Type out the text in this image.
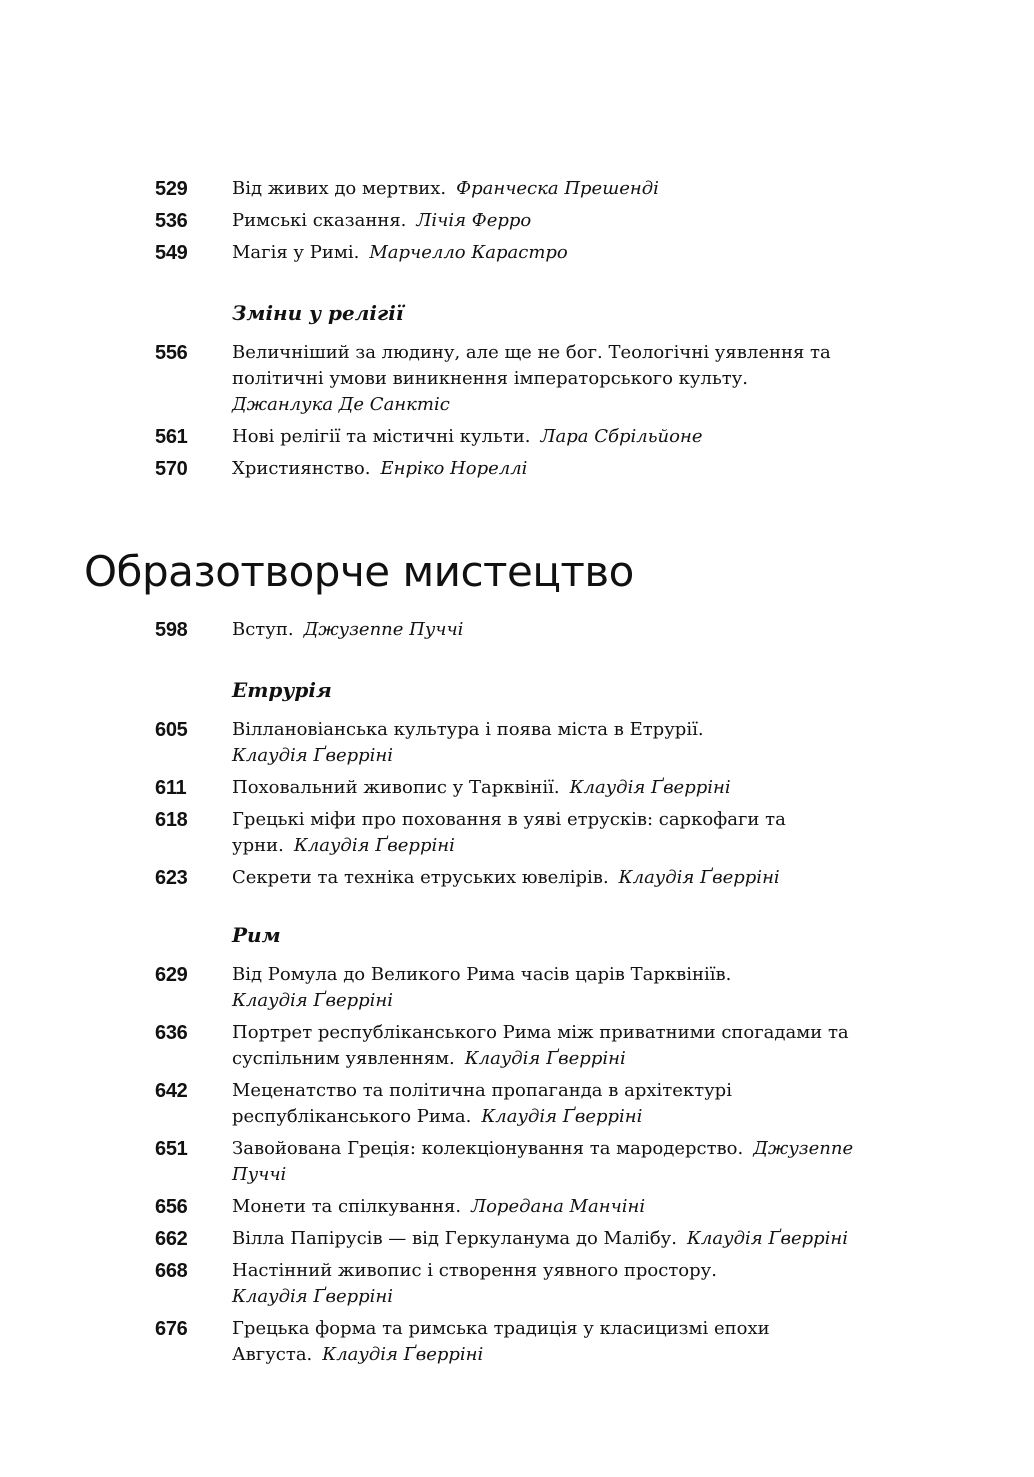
529	Від живих до мертвих. Франческа Прешенді
536	Римські сказання. Лічія Ферро
549	Магія у Римі. Марчелло Карастро
Зміни у релігії
556	Величніший за людину, але ще не бог. Теологічні уявлення та політичні умови виникнення імператорського культу.
Джанлука Де Санктіс
561	Нові релігії та містичні культи. Лара Сбрільйоне
570	Християнство. Енріко Нореллі
Образотворче мистецтво
598	Вступ. Джузеппе Пуччі
Етрурія
605	Віллановіанська культура і поява міста в Етрурії.
Клаудія Ґверріні
611	Поховальний живопис у Тарквінії. Клаудія Ґверріні
618	Грецькі міфи про поховання в уяві етрусків: саркофаги та урни. Клаудія Ґверріні
623	Секрети та техніка етруських ювелірів. Клаудія Ґверріні
Рим
629	Від Ромула до Великого Рима часів царів Тарквініїв.
Клаудія Ґверріні
636	Портрет республіканського Рима між приватними спогадами та суспільним уявленням. Клаудія Ґверріні
642	Меценатство та політична пропаганда в архітектурі республіканського Рима. Клаудія Ґверріні
651	Завойована Греція: колекціонування та мародерство. Джузеппе Пуччі
656	Монети та спілкування. Лоредана Манчіні
662	Вілла Папірусів — від Геркуланума до Малібу. Клаудія Ґверріні
668	Настінний живопис і створення уявного простору.
Клаудія Ґверріні
676	Грецька форма та римська традиція у класицизмі епохи Августа. Клаудія Ґверріні
